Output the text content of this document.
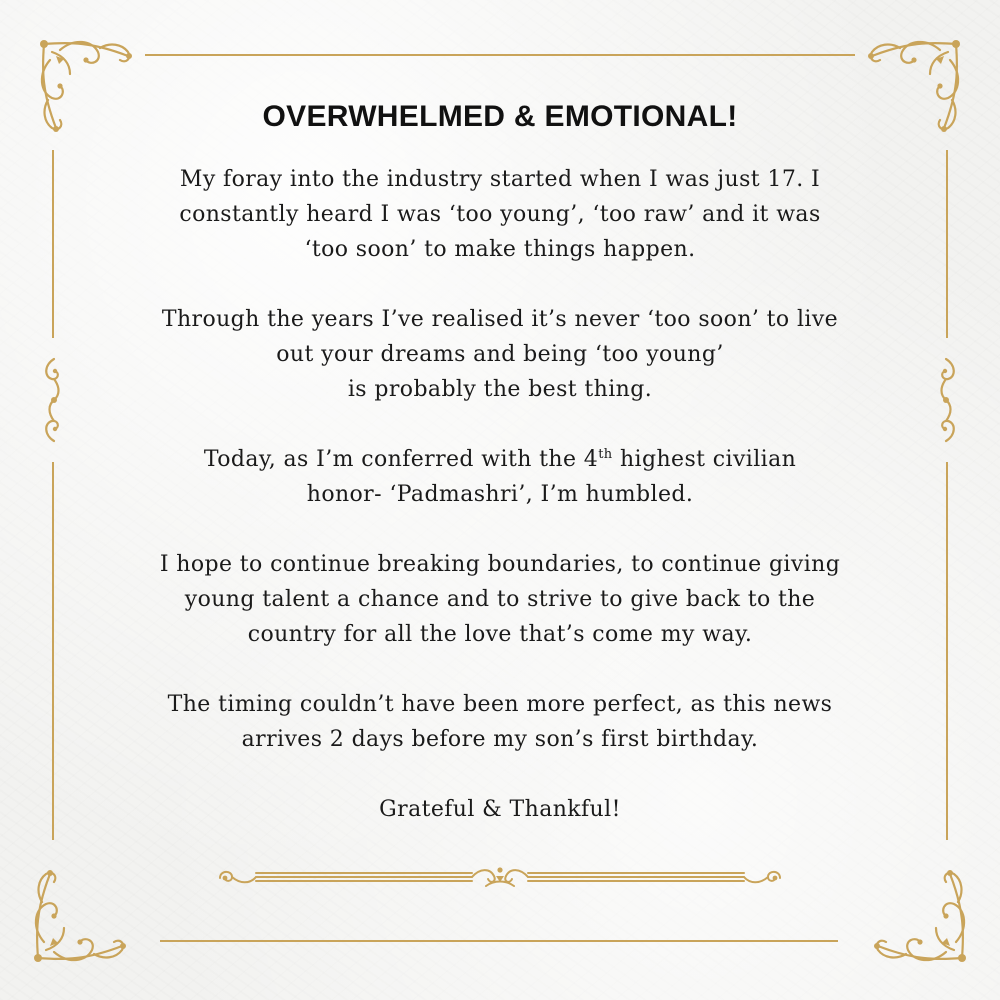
OVERWHELMED & EMOTIONAL!

My foray into the industry started when I was just 17. I
constantly heard I was ‘too young’, ‘too raw’ and it was
‘too soon’ to make things happen.

Through the years I’ve realised it’s never ‘too soon’ to live
out your dreams and being ‘too young’
is probably the best thing.

Today, as I’m conferred with the 4th highest civilian
honor- ‘Padmashri’, I’m humbled.

I hope to continue breaking boundaries, to continue giving
young talent a chance and to strive to give back to the
country for all the love that’s come my way.

The timing couldn’t have been more perfect, as this news
arrives 2 days before my son’s first birthday.

Grateful & Thankful!
